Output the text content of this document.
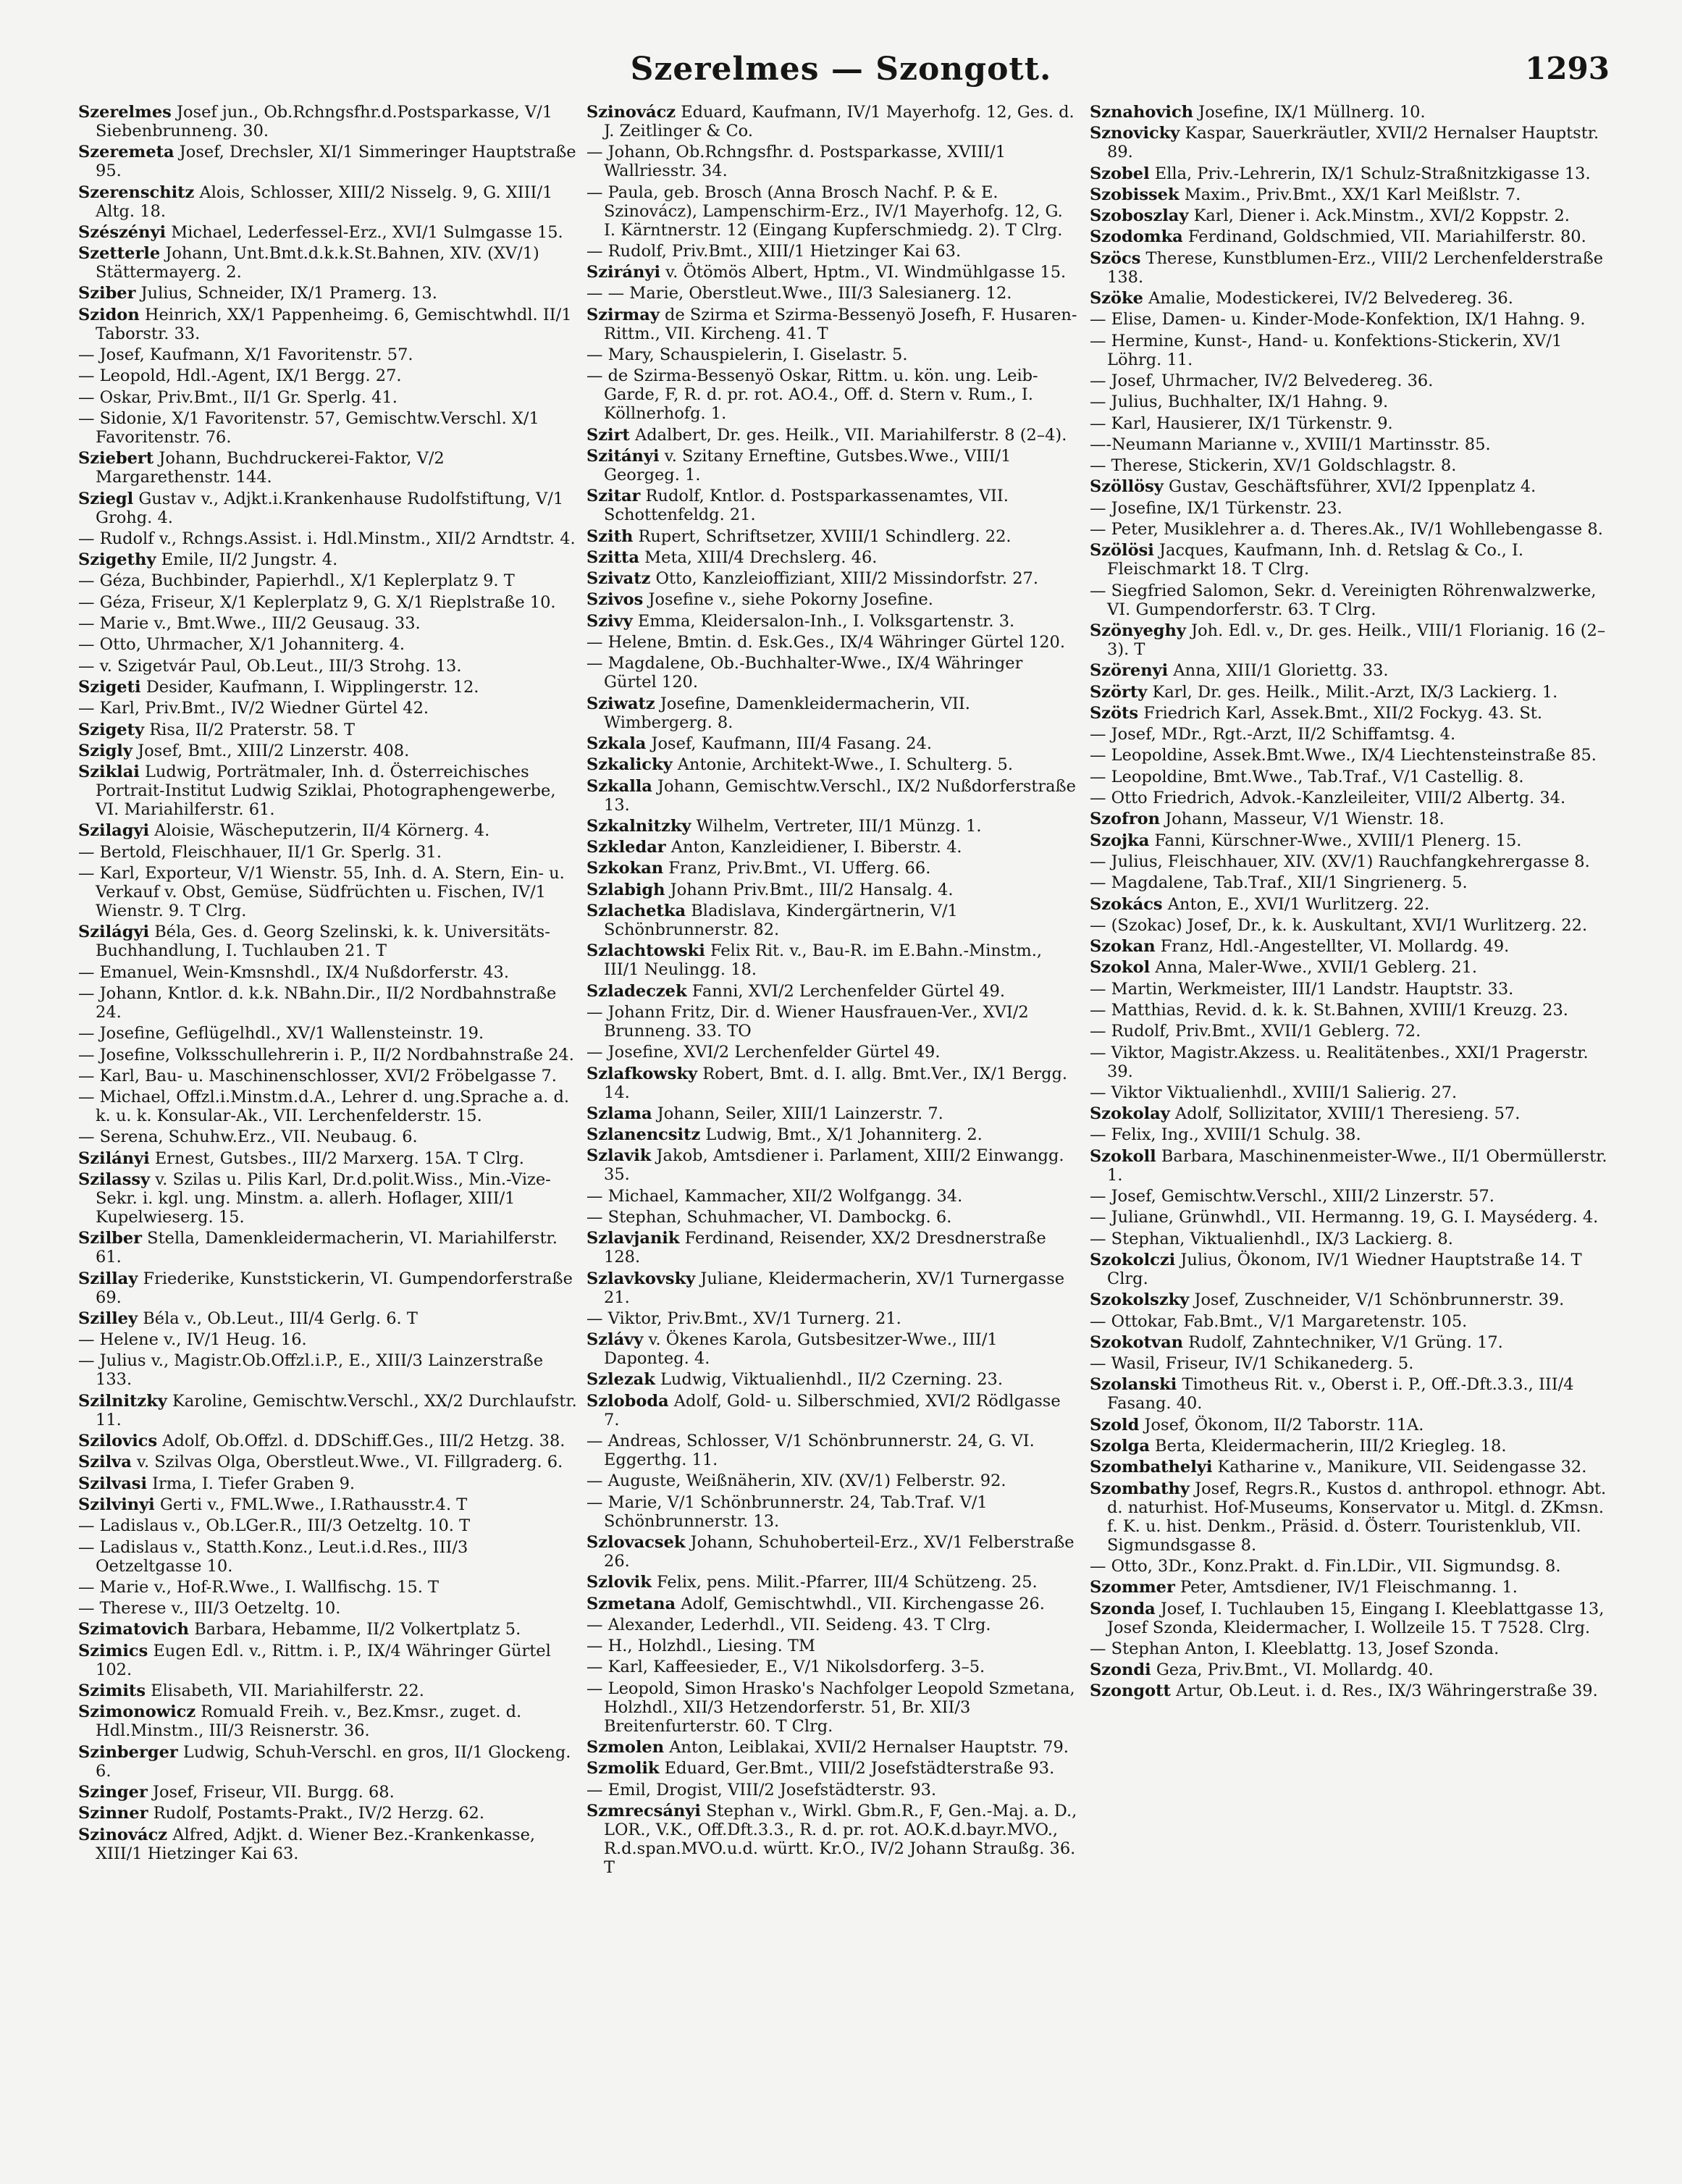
Szerelmes — Szongott.	1293
Szerelmes Josef jun., Ob.Rchngsfhr.d.Postsparkasse, V/1 Siebenbrunneng. 30.
Szeremeta Josef, Drechsler, XI/1 Simmeringer Hauptstraße 95.
Szerenschitz Alois, Schlosser, XIII/2 Nisselg. 9, G. XIII/1 Altg. 18.
Szészényi Michael, Lederfessel-Erz., XVI/1 Sulmgasse 15.
Szetterle Johann, Unt.Bmt.d.k.k.St.Bahnen, XIV. (XV/1) Stättermayerg. 2.
Sziber Julius, Schneider, IX/1 Pramerg. 13.
Szidon Heinrich, XX/1 Pappenheimg. 6, Gemischtwhdl. II/1 Taborstr. 33.
— Josef, Kaufmann, X/1 Favoritenstr. 57.
— Leopold, Hdl.-Agent, IX/1 Bergg. 27.
— Oskar, Priv.Bmt., II/1 Gr. Sperlg. 41.
— Sidonie, X/1 Favoritenstr. 57, Gemischtw.Verschl. X/1 Favoritenstr. 76.
Sziebert Johann, Buchdruckerei-Faktor, V/2 Margarethenstr. 144.
Sziegl Gustav v., Adjkt.i.Krankenhause Rudolfstiftung, V/1 Grohg. 4.
— Rudolf v., Rchngs.Assist. i. Hdl.Minstm., XII/2 Arndtstr. 4.
Szigethy Emile, II/2 Jungstr. 4.
— Géza, Buchbinder, Papierhdl., X/1 Keplerplatz 9. T
— Géza, Friseur, X/1 Keplerplatz 9, G. X/1 Rieplstraße 10.
— Marie v., Bmt.Wwe., III/2 Geusaug. 33.
— Otto, Uhrmacher, X/1 Johanniterg. 4.
— v. Szigetvár Paul, Ob.Leut., III/3 Strohg. 13.
Szigeti Desider, Kaufmann, I. Wipplingerstr. 12.
— Karl, Priv.Bmt., IV/2 Wiedner Gürtel 42.
Szigety Risa, II/2 Praterstr. 58. T
Szigly Josef, Bmt., XIII/2 Linzerstr. 408.
Sziklai Ludwig, Porträtmaler, Inh. d. Österreichisches Portrait-Institut Ludwig Sziklai, Photographengewerbe, VI. Mariahilferstr. 61.
Szilagyi Aloisie, Wäscheputzerin, II/4 Körnerg. 4.
— Bertold, Fleischhauer, II/1 Gr. Sperlg. 31.
— Karl, Exporteur, V/1 Wienstr. 55, Inh. d. A. Stern, Ein- u. Verkauf v. Obst, Gemüse, Südfrüchten u. Fischen, IV/1 Wienstr. 9. T Clrg.
Szilágyi Béla, Ges. d. Georg Szelinski, k. k. Universitäts-Buchhandlung, I. Tuchlauben 21. T
— Emanuel, Wein-Kmsnshdl., IX/4 Nußdorferstr. 43.
— Johann, Kntlor. d. k.k. NBahn.Dir., II/2 Nordbahnstraße 24.
— Josefine, Geflügelhdl., XV/1 Wallensteinstr. 19.
— Josefine, Volksschullehrerin i. P., II/2 Nordbahnstraße 24.
— Karl, Bau- u. Maschinenschlosser, XVI/2 Fröbelgasse 7.
— Michael, Offzl.i.Minstm.d.A., Lehrer d. ung.Sprache a. d. k. u. k. Konsular-Ak., VII. Lerchenfelderstr. 15.
— Serena, Schuhw.Erz., VII. Neubaug. 6.
Szilányi Ernest, Gutsbes., III/2 Marxerg. 15A. T Clrg.
Szilassy v. Szilas u. Pilis Karl, Dr.d.polit.Wiss., Min.-Vize-Sekr. i. kgl. ung. Minstm. a. allerh. Hoflager, XIII/1 Kupelwieserg. 15.
Szilber Stella, Damenkleidermacherin, VI. Mariahilferstr. 61.
Szillay Friederike, Kunststickerin, VI. Gumpendorferstraße 69.
Szilley Béla v., Ob.Leut., III/4 Gerlg. 6. T
— Helene v., IV/1 Heug. 16.
— Julius v., Magistr.Ob.Offzl.i.P., E., XIII/3 Lainzerstraße 133.
Szilnitzky Karoline, Gemischtw.Verschl., XX/2 Durchlaufstr. 11.
Szilovics Adolf, Ob.Offzl. d. DDSchiff.Ges., III/2 Hetzg. 38.
Szilva v. Szilvas Olga, Oberstleut.Wwe., VI. Fillgraderg. 6.
Szilvasi Irma, I. Tiefer Graben 9.
Szilvinyi Gerti v., FML.Wwe., I.Rathausstr.4. T
— Ladislaus v., Ob.LGer.R., III/3 Oetzeltg. 10. T
— Ladislaus v., Statth.Konz., Leut.i.d.Res., III/3 Oetzeltgasse 10.
— Marie v., Hof-R.Wwe., I. Wallfischg. 15. T
— Therese v., III/3 Oetzeltg. 10.
Szimatovich Barbara, Hebamme, II/2 Volkertplatz 5.
Szimics Eugen Edl. v., Rittm. i. P., IX/4 Währinger Gürtel 102.
Szimits Elisabeth, VII. Mariahilferstr. 22.
Szimonowicz Romuald Freih. v., Bez.Kmsr., zuget. d. Hdl.Minstm., III/3 Reisnerstr. 36.
Szinberger Ludwig, Schuh-Verschl. en gros, II/1 Glockeng. 6.
Szinger Josef, Friseur, VII. Burgg. 68.
Szinner Rudolf, Postamts-Prakt., IV/2 Herzg. 62.
Szinovácz Alfred, Adjkt. d. Wiener Bez.-Krankenkasse, XIII/1 Hietzinger Kai 63.
Szinovácz Eduard, Kaufmann, IV/1 Mayerhofg. 12, Ges. d. J. Zeitlinger & Co.
— Johann, Ob.Rchngsfhr. d. Postsparkasse, XVIII/1 Wallriesstr. 34.
— Paula, geb. Brosch (Anna Brosch Nachf. P. & E. Szinovácz), Lampenschirm-Erz., IV/1 Mayerhofg. 12, G. I. Kärntnerstr. 12 (Eingang Kupferschmiedg. 2). T Clrg.
— Rudolf, Priv.Bmt., XIII/1 Hietzinger Kai 63.
Szirányi v. Ötömös Albert, Hptm., VI. Windmühlgasse 15.
— — Marie, Oberstleut.Wwe., III/3 Salesianerg. 12.
Szirmay de Szirma et Szirma-Bessenyö Josefh, F. Husaren-Rittm., VII. Kircheng. 41. T
— Mary, Schauspielerin, I. Giselastr. 5.
— de Szirma-Bessenyö Oskar, Rittm. u. kön. ung. Leib-Garde, F, R. d. pr. rot. AO.4., Off. d. Stern v. Rum., I. Köllnerhofg. 1.
Szirt Adalbert, Dr. ges. Heilk., VII. Mariahilferstr. 8 (2–4).
Szitányi v. Szitany Erneftine, Gutsbes.Wwe., VIII/1 Georgeg. 1.
Szitar Rudolf, Kntlor. d. Postsparkassenamtes, VII. Schottenfeldg. 21.
Szith Rupert, Schriftsetzer, XVIII/1 Schindlerg. 22.
Szitta Meta, XIII/4 Drechslerg. 46.
Szivatz Otto, Kanzleioffiziant, XIII/2 Missindorfstr. 27.
Szivos Josefine v., siehe Pokorny Josefine.
Szivy Emma, Kleidersalon-Inh., I. Volksgartenstr. 3.
— Helene, Bmtin. d. Esk.Ges., IX/4 Währinger Gürtel 120.
— Magdalene, Ob.-Buchhalter-Wwe., IX/4 Währinger Gürtel 120.
Sziwatz Josefine, Damenkleidermacherin, VII. Wimbergerg. 8.
Szkala Josef, Kaufmann, III/4 Fasang. 24.
Szkalicky Antonie, Architekt-Wwe., I. Schulterg. 5.
Szkalla Johann, Gemischtw.Verschl., IX/2 Nußdorferstraße 13.
Szkalnitzky Wilhelm, Vertreter, III/1 Münzg. 1.
Szkledar Anton, Kanzleidiener, I. Biberstr. 4.
Szkokan Franz, Priv.Bmt., VI. Ufferg. 66.
Szlabigh Johann Priv.Bmt., III/2 Hansalg. 4.
Szlachetka Bladislava, Kindergärtnerin, V/1 Schönbrunnerstr. 82.
Szlachtowski Felix Rit. v., Bau-R. im E.Bahn.-Minstm., III/1 Neulingg. 18.
Szladeczek Fanni, XVI/2 Lerchenfelder Gürtel 49.
— Johann Fritz, Dir. d. Wiener Hausfrauen-Ver., XVI/2 Brunneng. 33. TO
— Josefine, XVI/2 Lerchenfelder Gürtel 49.
Szlafkowsky Robert, Bmt. d. I. allg. Bmt.Ver., IX/1 Bergg. 14.
Szlama Johann, Seiler, XIII/1 Lainzerstr. 7.
Szlanencsitz Ludwig, Bmt., X/1 Johanniterg. 2.
Szlavik Jakob, Amtsdiener i. Parlament, XIII/2 Einwangg. 35.
— Michael, Kammacher, XII/2 Wolfgangg. 34.
— Stephan, Schuhmacher, VI. Dambockg. 6.
Szlavjanik Ferdinand, Reisender, XX/2 Dresdnerstraße 128.
Szlavkovsky Juliane, Kleidermacherin, XV/1 Turnergasse 21.
— Viktor, Priv.Bmt., XV/1 Turnerg. 21.
Szlávy v. Ökenes Karola, Gutsbesitzer-Wwe., III/1 Daponteg. 4.
Szlezak Ludwig, Viktualienhdl., II/2 Czerning. 23.
Szloboda Adolf, Gold- u. Silberschmied, XVI/2 Rödlgasse 7.
— Andreas, Schlosser, V/1 Schönbrunnerstr. 24, G. VI. Eggerthg. 11.
— Auguste, Weißnäherin, XIV. (XV/1) Felberstr. 92.
— Marie, V/1 Schönbrunnerstr. 24, Tab.Traf. V/1 Schönbrunnerstr. 13.
Szlovacsek Johann, Schuhoberteil-Erz., XV/1 Felberstraße 26.
Szlovik Felix, pens. Milit.-Pfarrer, III/4 Schützeng. 25.
Szmetana Adolf, Gemischtwhdl., VII. Kirchengasse 26.
— Alexander, Lederhdl., VII. Seideng. 43. T Clrg.
— H., Holzhdl., Liesing. TM
— Karl, Kaffeesieder, E., V/1 Nikolsdorferg. 3–5.
— Leopold, Simon Hrasko's Nachfolger Leopold Szmetana, Holzhdl., XII/3 Hetzendorferstr. 51, Br. XII/3 Breitenfurterstr. 60. T Clrg.
Szmolen Anton, Leiblakai, XVII/2 Hernalser Hauptstr. 79.
Szmolik Eduard, Ger.Bmt., VIII/2 Josefstädterstraße 93.
— Emil, Drogist, VIII/2 Josefstädterstr. 93.
Szmrecsányi Stephan v., Wirkl. Gbm.R., F, Gen.-Maj. a. D., LOR., V.K., Off.Dft.3.3., R. d. pr. rot. AO.K.d.bayr.MVO., R.d.span.MVO.u.d. württ. Kr.O., IV/2 Johann Straußg. 36. T
Sznahovich Josefine, IX/1 Müllnerg. 10.
Sznovicky Kaspar, Sauerkräutler, XVII/2 Hernalser Hauptstr. 89.
Szobel Ella, Priv.-Lehrerin, IX/1 Schulz-Straßnitzkigasse 13.
Szobissek Maxim., Priv.Bmt., XX/1 Karl Meißlstr. 7.
Szoboszlay Karl, Diener i. Ack.Minstm., XVI/2 Koppstr. 2.
Szodomka Ferdinand, Goldschmied, VII. Mariahilferstr. 80.
Szöcs Therese, Kunstblumen-Erz., VIII/2 Lerchenfelderstraße 138.
Szöke Amalie, Modestickerei, IV/2 Belvedereg. 36.
— Elise, Damen- u. Kinder-Mode-Konfektion, IX/1 Hahng. 9.
— Hermine, Kunst-, Hand- u. Konfektions-Stickerin, XV/1 Löhrg. 11.
— Josef, Uhrmacher, IV/2 Belvedereg. 36.
— Julius, Buchhalter, IX/1 Hahng. 9.
— Karl, Hausierer, IX/1 Türkenstr. 9.
—-Neumann Marianne v., XVIII/1 Martinsstr. 85.
— Therese, Stickerin, XV/1 Goldschlagstr. 8.
Szöllösy Gustav, Geschäftsführer, XVI/2 Ippenplatz 4.
— Josefine, IX/1 Türkenstr. 23.
— Peter, Musiklehrer a. d. Theres.Ak., IV/1 Wohllebengasse 8.
Szölösi Jacques, Kaufmann, Inh. d. Retslag & Co., I. Fleischmarkt 18. T Clrg.
— Siegfried Salomon, Sekr. d. Vereinigten Röhrenwalzwerke, VI. Gumpendorferstr. 63. T Clrg.
Szönyeghy Joh. Edl. v., Dr. ges. Heilk., VIII/1 Florianig. 16 (2–3). T
Szörenyi Anna, XIII/1 Gloriettg. 33.
Szörty Karl, Dr. ges. Heilk., Milit.-Arzt, IX/3 Lackierg. 1.
Szöts Friedrich Karl, Assek.Bmt., XII/2 Fockyg. 43. St.
— Josef, MDr., Rgt.-Arzt, II/2 Schiffamtsg. 4.
— Leopoldine, Assek.Bmt.Wwe., IX/4 Liechtensteinstraße 85.
— Leopoldine, Bmt.Wwe., Tab.Traf., V/1 Castellig. 8.
— Otto Friedrich, Advok.-Kanzleileiter, VIII/2 Albertg. 34.
Szofron Johann, Masseur, V/1 Wienstr. 18.
Szojka Fanni, Kürschner-Wwe., XVIII/1 Plenerg. 15.
— Julius, Fleischhauer, XIV. (XV/1) Rauchfangkehrergasse 8.
— Magdalene, Tab.Traf., XII/1 Singrienerg. 5.
Szokács Anton, E., XVI/1 Wurlitzerg. 22.
— (Szokac) Josef, Dr., k. k. Auskultant, XVI/1 Wurlitzerg. 22.
Szokan Franz, Hdl.-Angestellter, VI. Mollardg. 49.
Szokol Anna, Maler-Wwe., XVII/1 Geblerg. 21.
— Martin, Werkmeister, III/1 Landstr. Hauptstr. 33.
— Matthias, Revid. d. k. k. St.Bahnen, XVIII/1 Kreuzg. 23.
— Rudolf, Priv.Bmt., XVII/1 Geblerg. 72.
— Viktor, Magistr.Akzess. u. Realitätenbes., XXI/1 Pragerstr. 39.
— Viktor Viktualienhdl., XVIII/1 Salierig. 27.
Szokolay Adolf, Sollizitator, XVIII/1 Theresieng. 57.
— Felix, Ing., XVIII/1 Schulg. 38.
Szokoll Barbara, Maschinenmeister-Wwe., II/1 Obermüllerstr. 1.
— Josef, Gemischtw.Verschl., XIII/2 Linzerstr. 57.
— Juliane, Grünwhdl., VII. Hermanng. 19, G. I. Mayséderg. 4.
— Stephan, Viktualienhdl., IX/3 Lackierg. 8.
Szokolczi Julius, Ökonom, IV/1 Wiedner Hauptstraße 14. T Clrg.
Szokolszky Josef, Zuschneider, V/1 Schönbrunnerstr. 39.
— Ottokar, Fab.Bmt., V/1 Margaretenstr. 105.
Szokotvan Rudolf, Zahntechniker, V/1 Grüng. 17.
— Wasil, Friseur, IV/1 Schikanederg. 5.
Szolanski Timotheus Rit. v., Oberst i. P., Off.-Dft.3.3., III/4 Fasang. 40.
Szold Josef, Ökonom, II/2 Taborstr. 11A.
Szolga Berta, Kleidermacherin, III/2 Kriegleg. 18.
Szombathelyi Katharine v., Manikure, VII. Seidengasse 32.
Szombathy Josef, Regrs.R., Kustos d. anthropol. ethnogr. Abt. d. naturhist. Hof-Museums, Konservator u. Mitgl. d. ZKmsn. f. K. u. hist. Denkm., Präsid. d. Österr. Touristenklub, VII. Sigmundsgasse 8.
— Otto, 3Dr., Konz.Prakt. d. Fin.LDir., VII. Sigmundsg. 8.
Szommer Peter, Amtsdiener, IV/1 Fleischmanng. 1.
Szonda Josef, I. Tuchlauben 15, Eingang I. Kleeblattgasse 13, Josef Szonda, Kleidermacher, I. Wollzeile 15. T 7528. Clrg.
— Stephan Anton, I. Kleeblattg. 13, Josef Szonda.
Szondi Geza, Priv.Bmt., VI. Mollardg. 40.
Szongott Artur, Ob.Leut. i. d. Res., IX/3 Währingerstraße 39.
